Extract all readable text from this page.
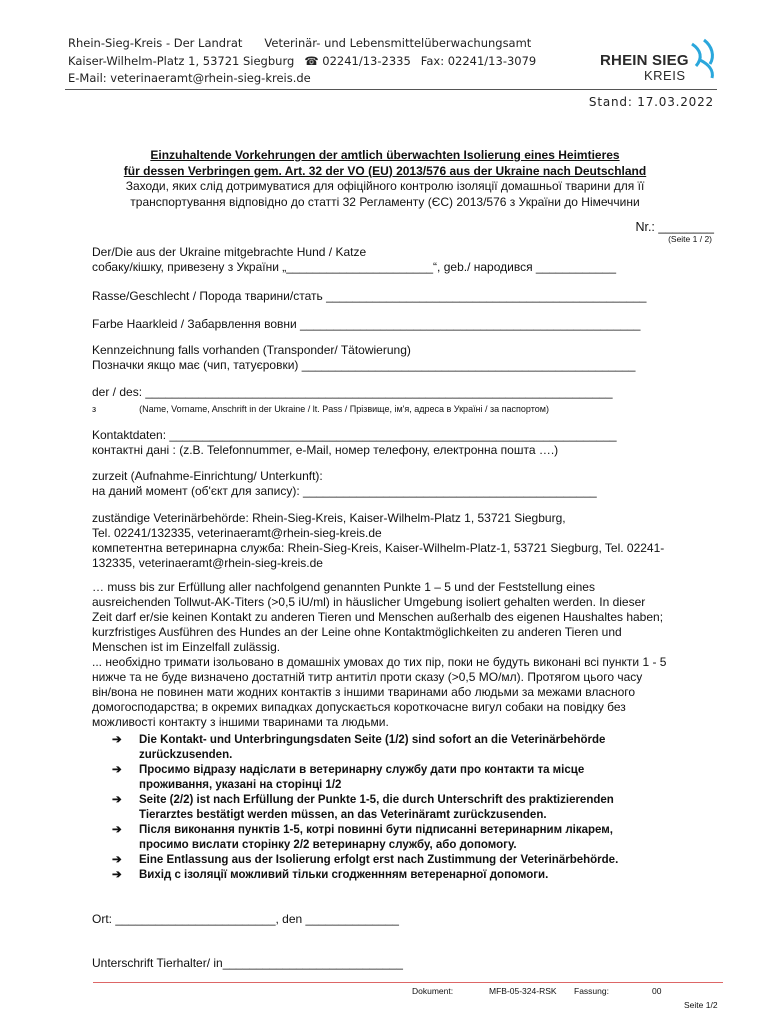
Rhein-Sieg-Kreis - Der Landrat Veterinär- und Lebensmittelüberwachungsamt
Kaiser-Wilhelm-Platz 1, 53721 Siegburg ☎ 02241/13-2335 Fax: 02241/13-3079
E-Mail: veterinaeramt@rhein-sieg-kreis.de
RHEIN SIEG
KREIS
Stand: 17.03.2022
Einzuhaltende Vorkehrungen der amtlich überwachten Isolierung eines Heimtieres
für dessen Verbringen gem. Art. 32 der VO (EU) 2013/576 aus der Ukraine nach Deutschland
Заходи, яких слід дотримуватися для офіційного контролю ізоляції домашньої тварини для її
транспортування відповідно до статті 32 Регламенту (ЄС) 2013/576 з України до Німеччини
Nr.: ________
(Seite 1 / 2)
Der/Die aus der Ukraine mitgebrachte Hund / Katze
собаку/кішку, привезену з України „______________________“, geb./ народився ____________
Rasse/Geschlecht / Порода тварини/стать ________________________________________________
Farbe Haarkleid / Забарвлення вовни ___________________________________________________
Kennzeichnung falls vorhanden (Transponder/ Tätowierung)
Позначки якщо має (чип, татуєровки) __________________________________________________
der / des: ______________________________________________________________________
з	(Name, Vorname, Anschrift in der Ukraine / lt. Pass / Прізвище, ім'я, адреса в Україні / за паспортом)
Kontaktdaten: ___________________________________________________________________
контактні дані : (z.B. Telefonnummer, e-Mail, номер телефону, електронна пошта ….)
zurzeit (Aufnahme-Einrichtung/ Unterkunft):
на даний момент (об'єкт для запису): ____________________________________________
zuständige Veterinärbehörde: Rhein-Sieg-Kreis, Kaiser-Wilhelm-Platz 1, 53721 Siegburg,
Tel. 02241/132335, veterinaeramt@rhein-sieg-kreis.de
компетентна ветеринарна служба: Rhein-Sieg-Kreis, Kaiser-Wilhelm-Platz-1, 53721 Siegburg, Tel. 02241-
132335, veterinaeramt@rhein-sieg-kreis.de
… muss bis zur Erfüllung aller nachfolgend genannten Punkte 1 – 5 und der Feststellung eines
ausreichenden Tollwut-AK-Titers (>0,5 iU/ml) in häuslicher Umgebung isoliert gehalten werden. In dieser
Zeit darf er/sie keinen Kontakt zu anderen Tieren und Menschen außerhalb des eigenen Haushaltes haben;
kurzfristiges Ausführen des Hundes an der Leine ohne Kontaktmöglichkeiten zu anderen Tieren und
Menschen ist im Einzelfall zulässig.
... необхідно тримати ізольовано в домашніх умовах до тих пір, поки не будуть виконані всі пункти 1 - 5
нижче та не буде визначено достатній титр антитіл проти сказу (>0,5 МО/мл). Протягом цього часу
він/вона не повинен мати жодних контактів з іншими тваринами або людьми за межами власного
домогосподарства; в окремих випадках допускається короткочасне вигул собаки на повідку без
можливості контакту з іншими тваринами та людьми.
➔ Die Kontakt- und Unterbringungsdaten Seite (1/2) sind sofort an die Veterinärbehörde
zurückzusenden.
➔ Просимо відразу надіслати в ветеринарну службу дати про контакти та місце
проживання, указані на сторінці 1/2
➔ Seite (2/2) ist nach Erfüllung der Punkte 1-5, die durch Unterschrift des praktizierenden
Tierarztes bestätigt werden müssen, an das Veterinäramt zurückzusenden.
➔ Після виконання пунктів 1-5, котрі повинні бути підписанні ветеринарним лікарем,
просимо вислати сторінку 2/2 ветеринарну службу, або допомогу.
➔ Eine Entlassung aus der Isolierung erfolgt erst nach Zustimmung der Veterinärbehörde.
➔ Вихід с ізоляції можливий тільки сгодженнням ветеренарної допомоги.
Ort: ________________________, den ______________
Unterschrift Tierhalter/ in___________________________
Dokument:	MFB-05-324-RSK Fassung:	00
Seite 1/2
